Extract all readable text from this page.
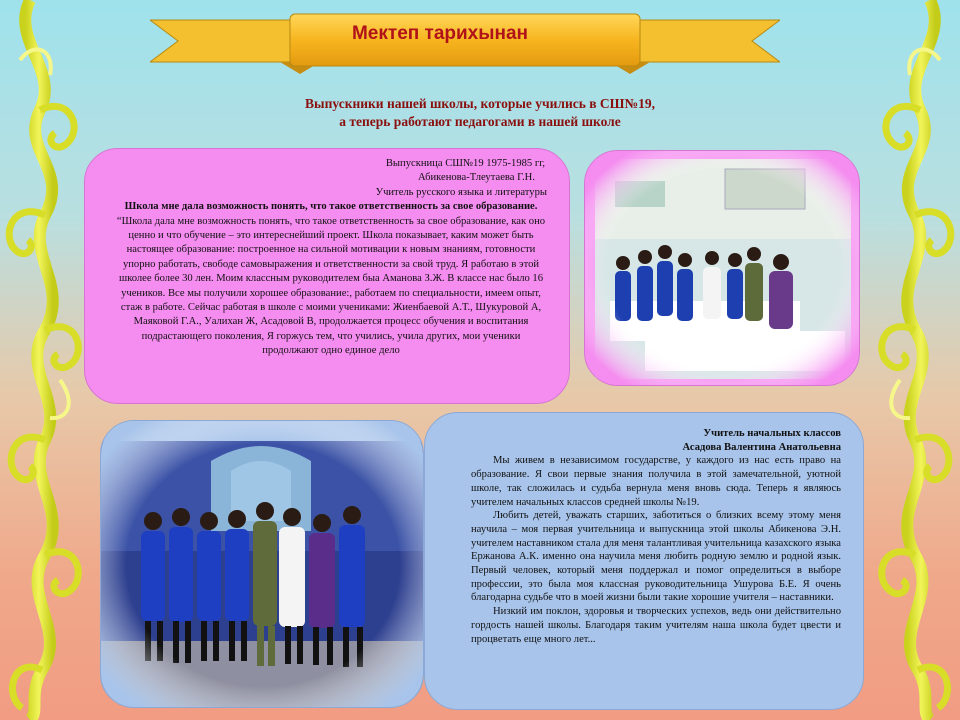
Мектеп тарихынан
Выпускники нашей школы, которые учились в СШ№19,
а теперь работают педагогами в нашей школе
Выпускница СШ№19 1975-1985 гг,
Абикенова-Тлеутаева Г.Н.
Учитель русского языка и литературы
Школа мне дала возможность понять, что такое ответственность за свое образование.
“Школа дала мне возможность понять, что такое ответственность за свое образование, как оно ценно и что обучение – это интереснейший проект. Школа показывает, каким может быть настоящее образование: построенное на сильной мотивации к новым знаниям, готовности упорно работать, свободе самовыражения и ответственности за свой труд. Я работаю в этой школее более 30 лен. Моим классным руководителем быа Аманова З.Ж. В классе нас было 16 учеников. Все мы получили хорошее образование:, работаем по специальности, имеем опыт, стаж в работе. Сейчас работая в школе с моими учениками: Жиенбаевой А.Т., Шукуровой А, Маяковой Г.А., Уалихан Ж, Асадовой В, продолжается процесс обучения и воспитания подрастающего поколения, Я горжусь тем, что учились, учила других, мои ученики продолжают одно единое дело
Учитель начальных классов
Асадова Валентина Анатольевна
Мы живем в независимом государстве, у каждого из нас есть право на образование. Я свои первые знания получила в этой замечательной, уютной школе, так сложилась и судьба вернула меня вновь сюда. Теперь я являюсь учителем начальных классов средней школы №19.
Любить детей, уважать старших, заботиться о близких всему этому меня научила – моя первая учительница и выпускница этой школы Абикенова Э.Н. учителем наставником стала для меня талантливая учительница казахского языка Ержанова А.К. именно она научила меня любить родную землю и родной язык. Первый человек, который меня поддержал и помог определиться в выборе профессии, это была моя классная руководительница Ушурова Б.Е. Я очень благодарна судьбе что в моей жизни были такие хорошие учителя – наставники.
Низкий им поклон, здоровья и творческих успехов, ведь они действительно гордость нашей школы. Благодаря таким учителям наша школа будет цвести и процветать еще много лет...
